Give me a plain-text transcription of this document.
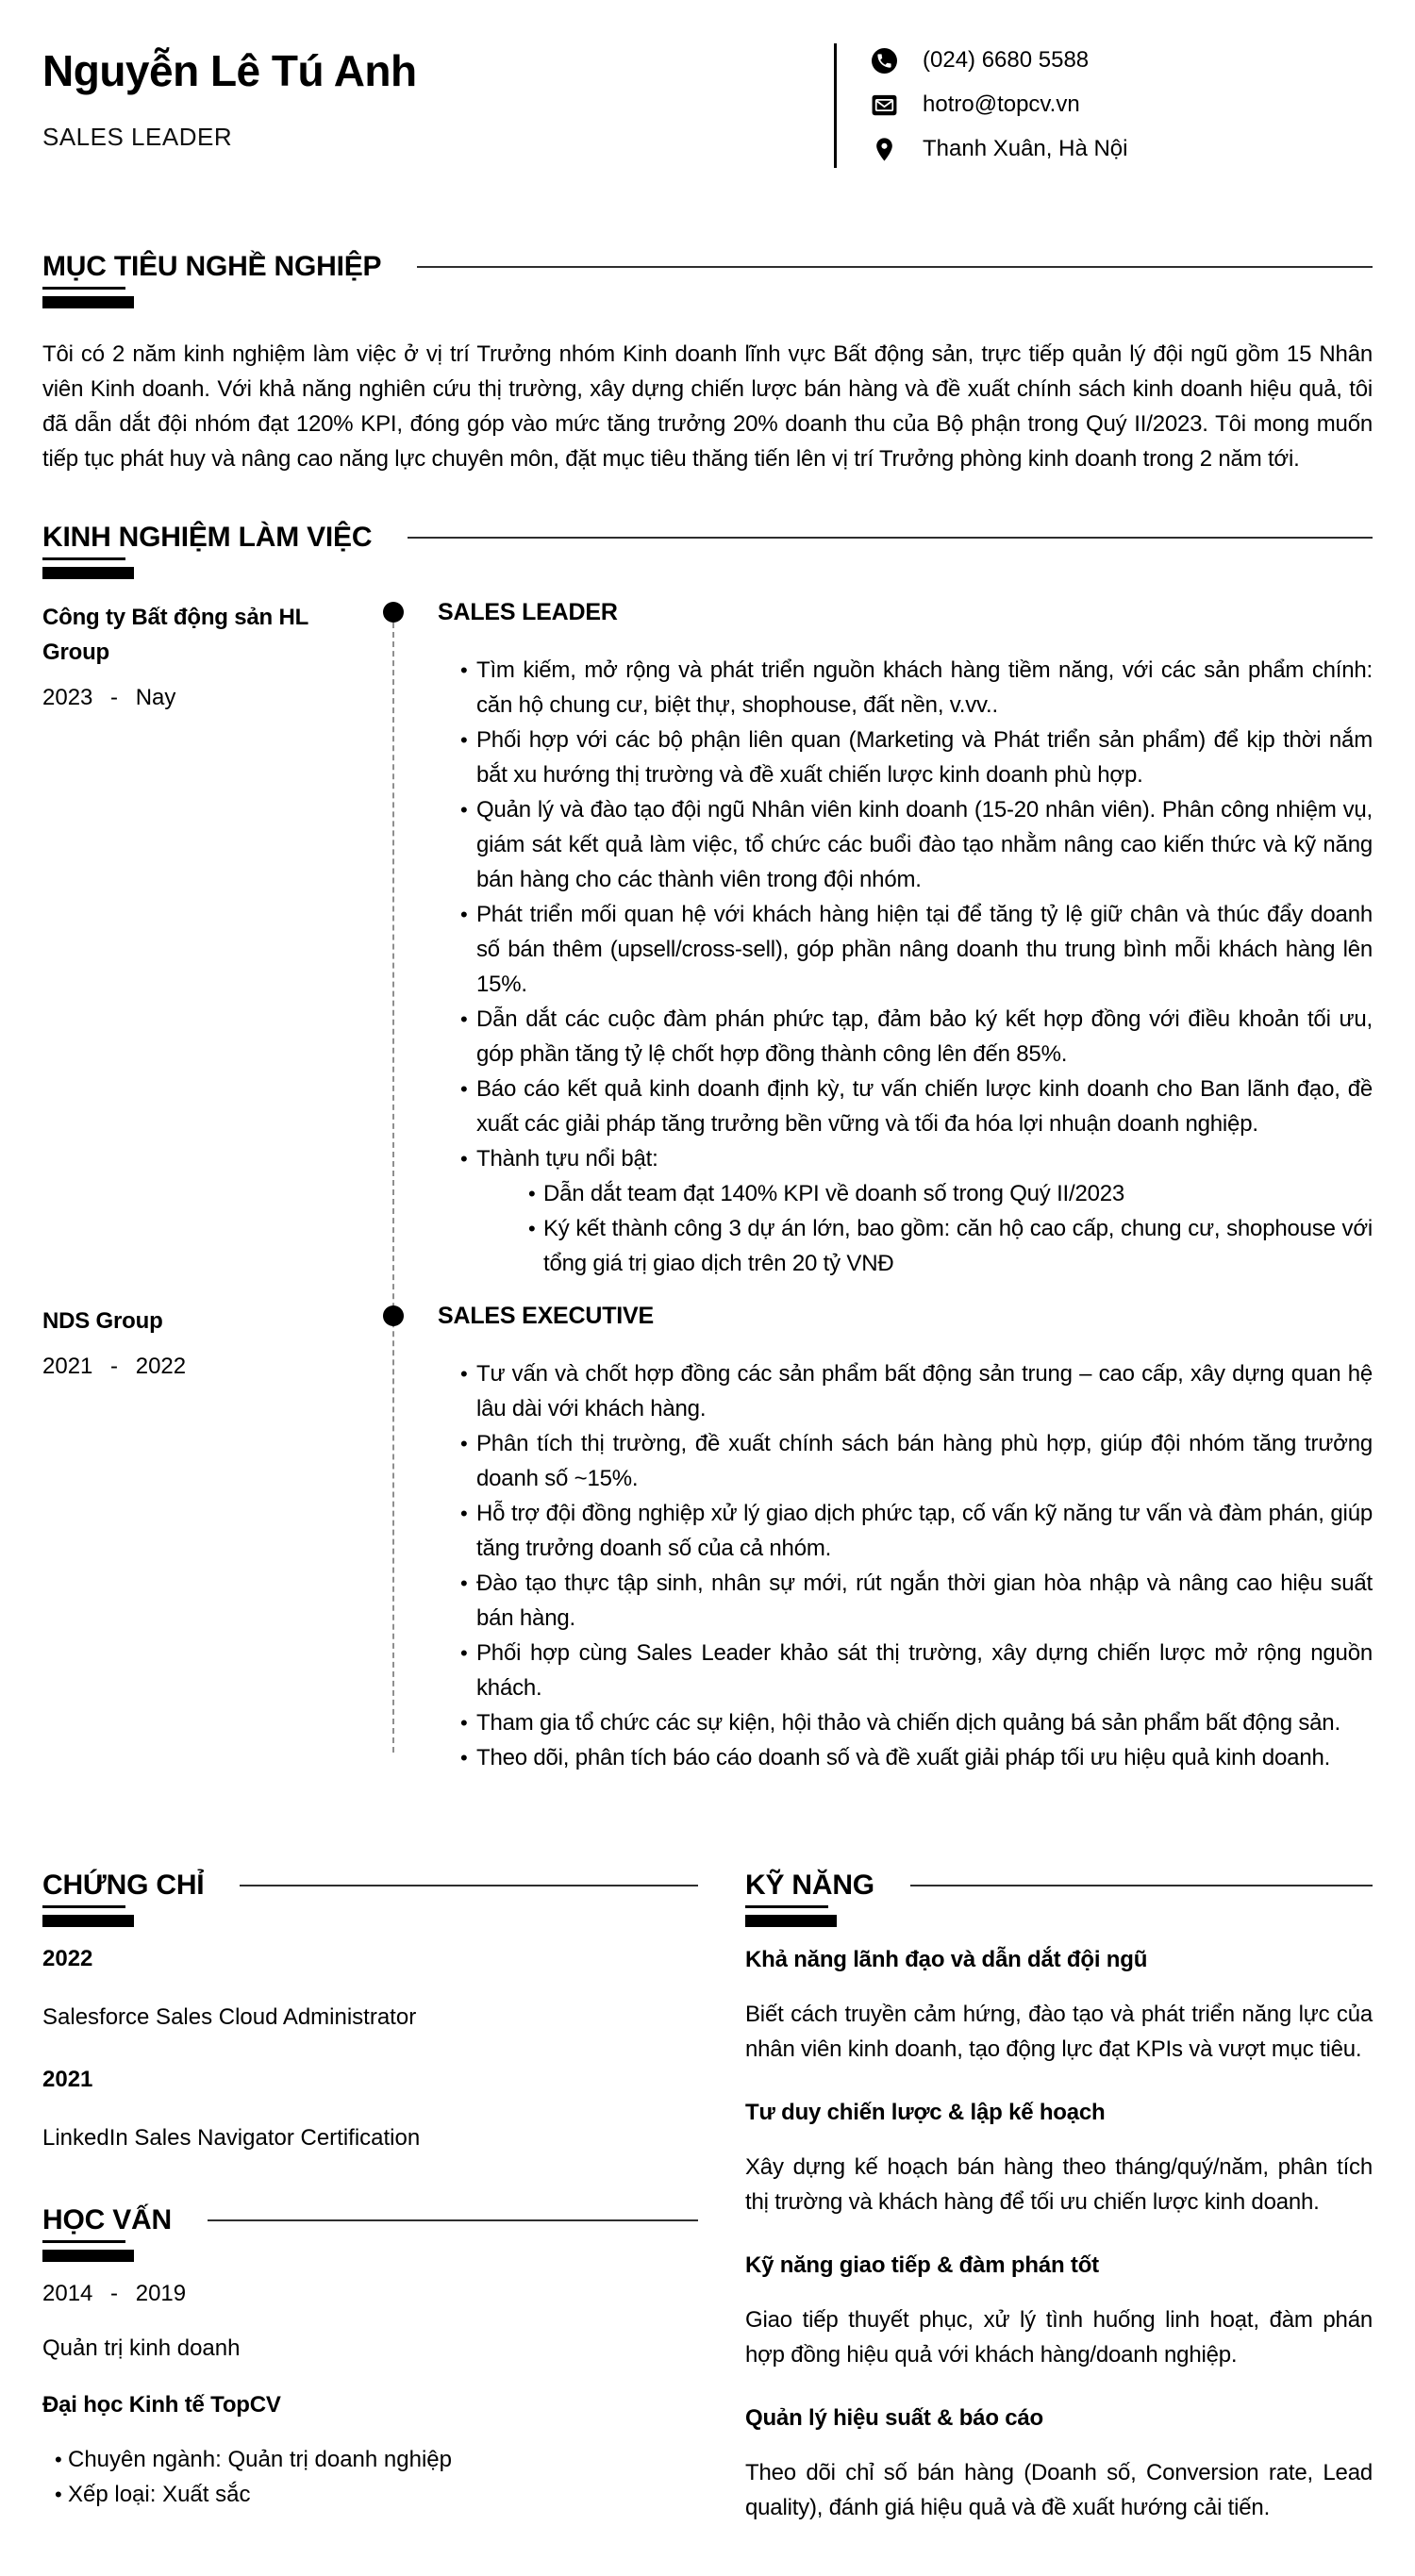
Nguyễn Lê Tú Anh
SALES LEADER
(024) 6680 5588
hotro@topcv.vn
Thanh Xuân, Hà Nội
MỤC TIÊU NGHỀ NGHIỆP

Tôi có 2 năm kinh nghiệm làm việc ở vị trí Trưởng nhóm Kinh doanh lĩnh vực Bất động sản, trực tiếp quản lý đội ngũ gồm 15 Nhân viên Kinh doanh. Với khả năng nghiên cứu thị trường, xây dựng chiến lược bán hàng và đề xuất chính sách kinh doanh hiệu quả, tôi đã dẫn dắt đội nhóm đạt 120% KPI, đóng góp vào mức tăng trưởng 20% doanh thu của Bộ phận trong Quý II/2023. Tôi mong muốn tiếp tục phát huy và nâng cao năng lực chuyên môn, đặt mục tiêu thăng tiến lên vị trí Trưởng phòng kinh doanh trong 2 năm tới.

KINH NGHIỆM LÀM VIỆC
Công ty Bất động sản HL Group
2023 - Nay
SALES LEADER
• Tìm kiếm, mở rộng và phát triển nguồn khách hàng tiềm năng, với các sản phẩm chính: căn hộ chung cư, biệt thự, shophouse, đất nền, v.vv..
• Phối hợp với các bộ phận liên quan (Marketing và Phát triển sản phẩm) để kịp thời nắm bắt xu hướng thị trường và đề xuất chiến lược kinh doanh phù hợp.
• Quản lý và đào tạo đội ngũ Nhân viên kinh doanh (15-20 nhân viên). Phân công nhiệm vụ, giám sát kết quả làm việc, tổ chức các buổi đào tạo nhằm nâng cao kiến thức và kỹ năng bán hàng cho các thành viên trong đội nhóm.
• Phát triển mối quan hệ với khách hàng hiện tại để tăng tỷ lệ giữ chân và thúc đẩy doanh số bán thêm (upsell/cross-sell), góp phần nâng doanh thu trung bình mỗi khách hàng lên 15%.
• Dẫn dắt các cuộc đàm phán phức tạp, đảm bảo ký kết hợp đồng với điều khoản tối ưu, góp phần tăng tỷ lệ chốt hợp đồng thành công lên đến 85%.
• Báo cáo kết quả kinh doanh định kỳ, tư vấn chiến lược kinh doanh cho Ban lãnh đạo, đề xuất các giải pháp tăng trưởng bền vững và tối đa hóa lợi nhuận doanh nghiệp.
• Thành tựu nổi bật:
• Dẫn dắt team đạt 140% KPI về doanh số trong Quý II/2023
• Ký kết thành công 3 dự án lớn, bao gồm: căn hộ cao cấp, chung cư, shophouse với tổng giá trị giao dịch trên 20 tỷ VNĐ
NDS Group
2021 - 2022
SALES EXECUTIVE
• Tư vấn và chốt hợp đồng các sản phẩm bất động sản trung – cao cấp, xây dựng quan hệ lâu dài với khách hàng.
• Phân tích thị trường, đề xuất chính sách bán hàng phù hợp, giúp đội nhóm tăng trưởng doanh số ~15%.
• Hỗ trợ đội đồng nghiệp xử lý giao dịch phức tạp, cố vấn kỹ năng tư vấn và đàm phán, giúp tăng trưởng doanh số của cả nhóm.
• Đào tạo thực tập sinh, nhân sự mới, rút ngắn thời gian hòa nhập và nâng cao hiệu suất bán hàng.
• Phối hợp cùng Sales Leader khảo sát thị trường, xây dựng chiến lược mở rộng nguồn khách.
• Tham gia tổ chức các sự kiện, hội thảo và chiến dịch quảng bá sản phẩm bất động sản.
• Theo dõi, phân tích báo cáo doanh số và đề xuất giải pháp tối ưu hiệu quả kinh doanh.
CHỨNG CHỈ
2022
Salesforce Sales Cloud Administrator
2021
LinkedIn Sales Navigator Certification
HỌC VẤN
2014 - 2019
Quản trị kinh doanh
Đại học Kinh tế TopCV
• Chuyên ngành: Quản trị doanh nghiệp
• Xếp loại: Xuất sắc
KỸ NĂNG
Khả năng lãnh đạo và dẫn dắt đội ngũ

Biết cách truyền cảm hứng, đào tạo và phát triển năng lực của nhân viên kinh doanh, tạo động lực đạt KPIs và vượt mục tiêu.

Tư duy chiến lược & lập kế hoạch

Xây dựng kế hoạch bán hàng theo tháng/quý/năm, phân tích thị trường và khách hàng để tối ưu chiến lược kinh doanh.

Kỹ năng giao tiếp & đàm phán tốt

Giao tiếp thuyết phục, xử lý tình huống linh hoạt, đàm phán hợp đồng hiệu quả với khách hàng/doanh nghiệp.

Quản lý hiệu suất & báo cáo

Theo dõi chỉ số bán hàng (Doanh số, Conversion rate, Lead quality), đánh giá hiệu quả và đề xuất hướng cải tiến.
